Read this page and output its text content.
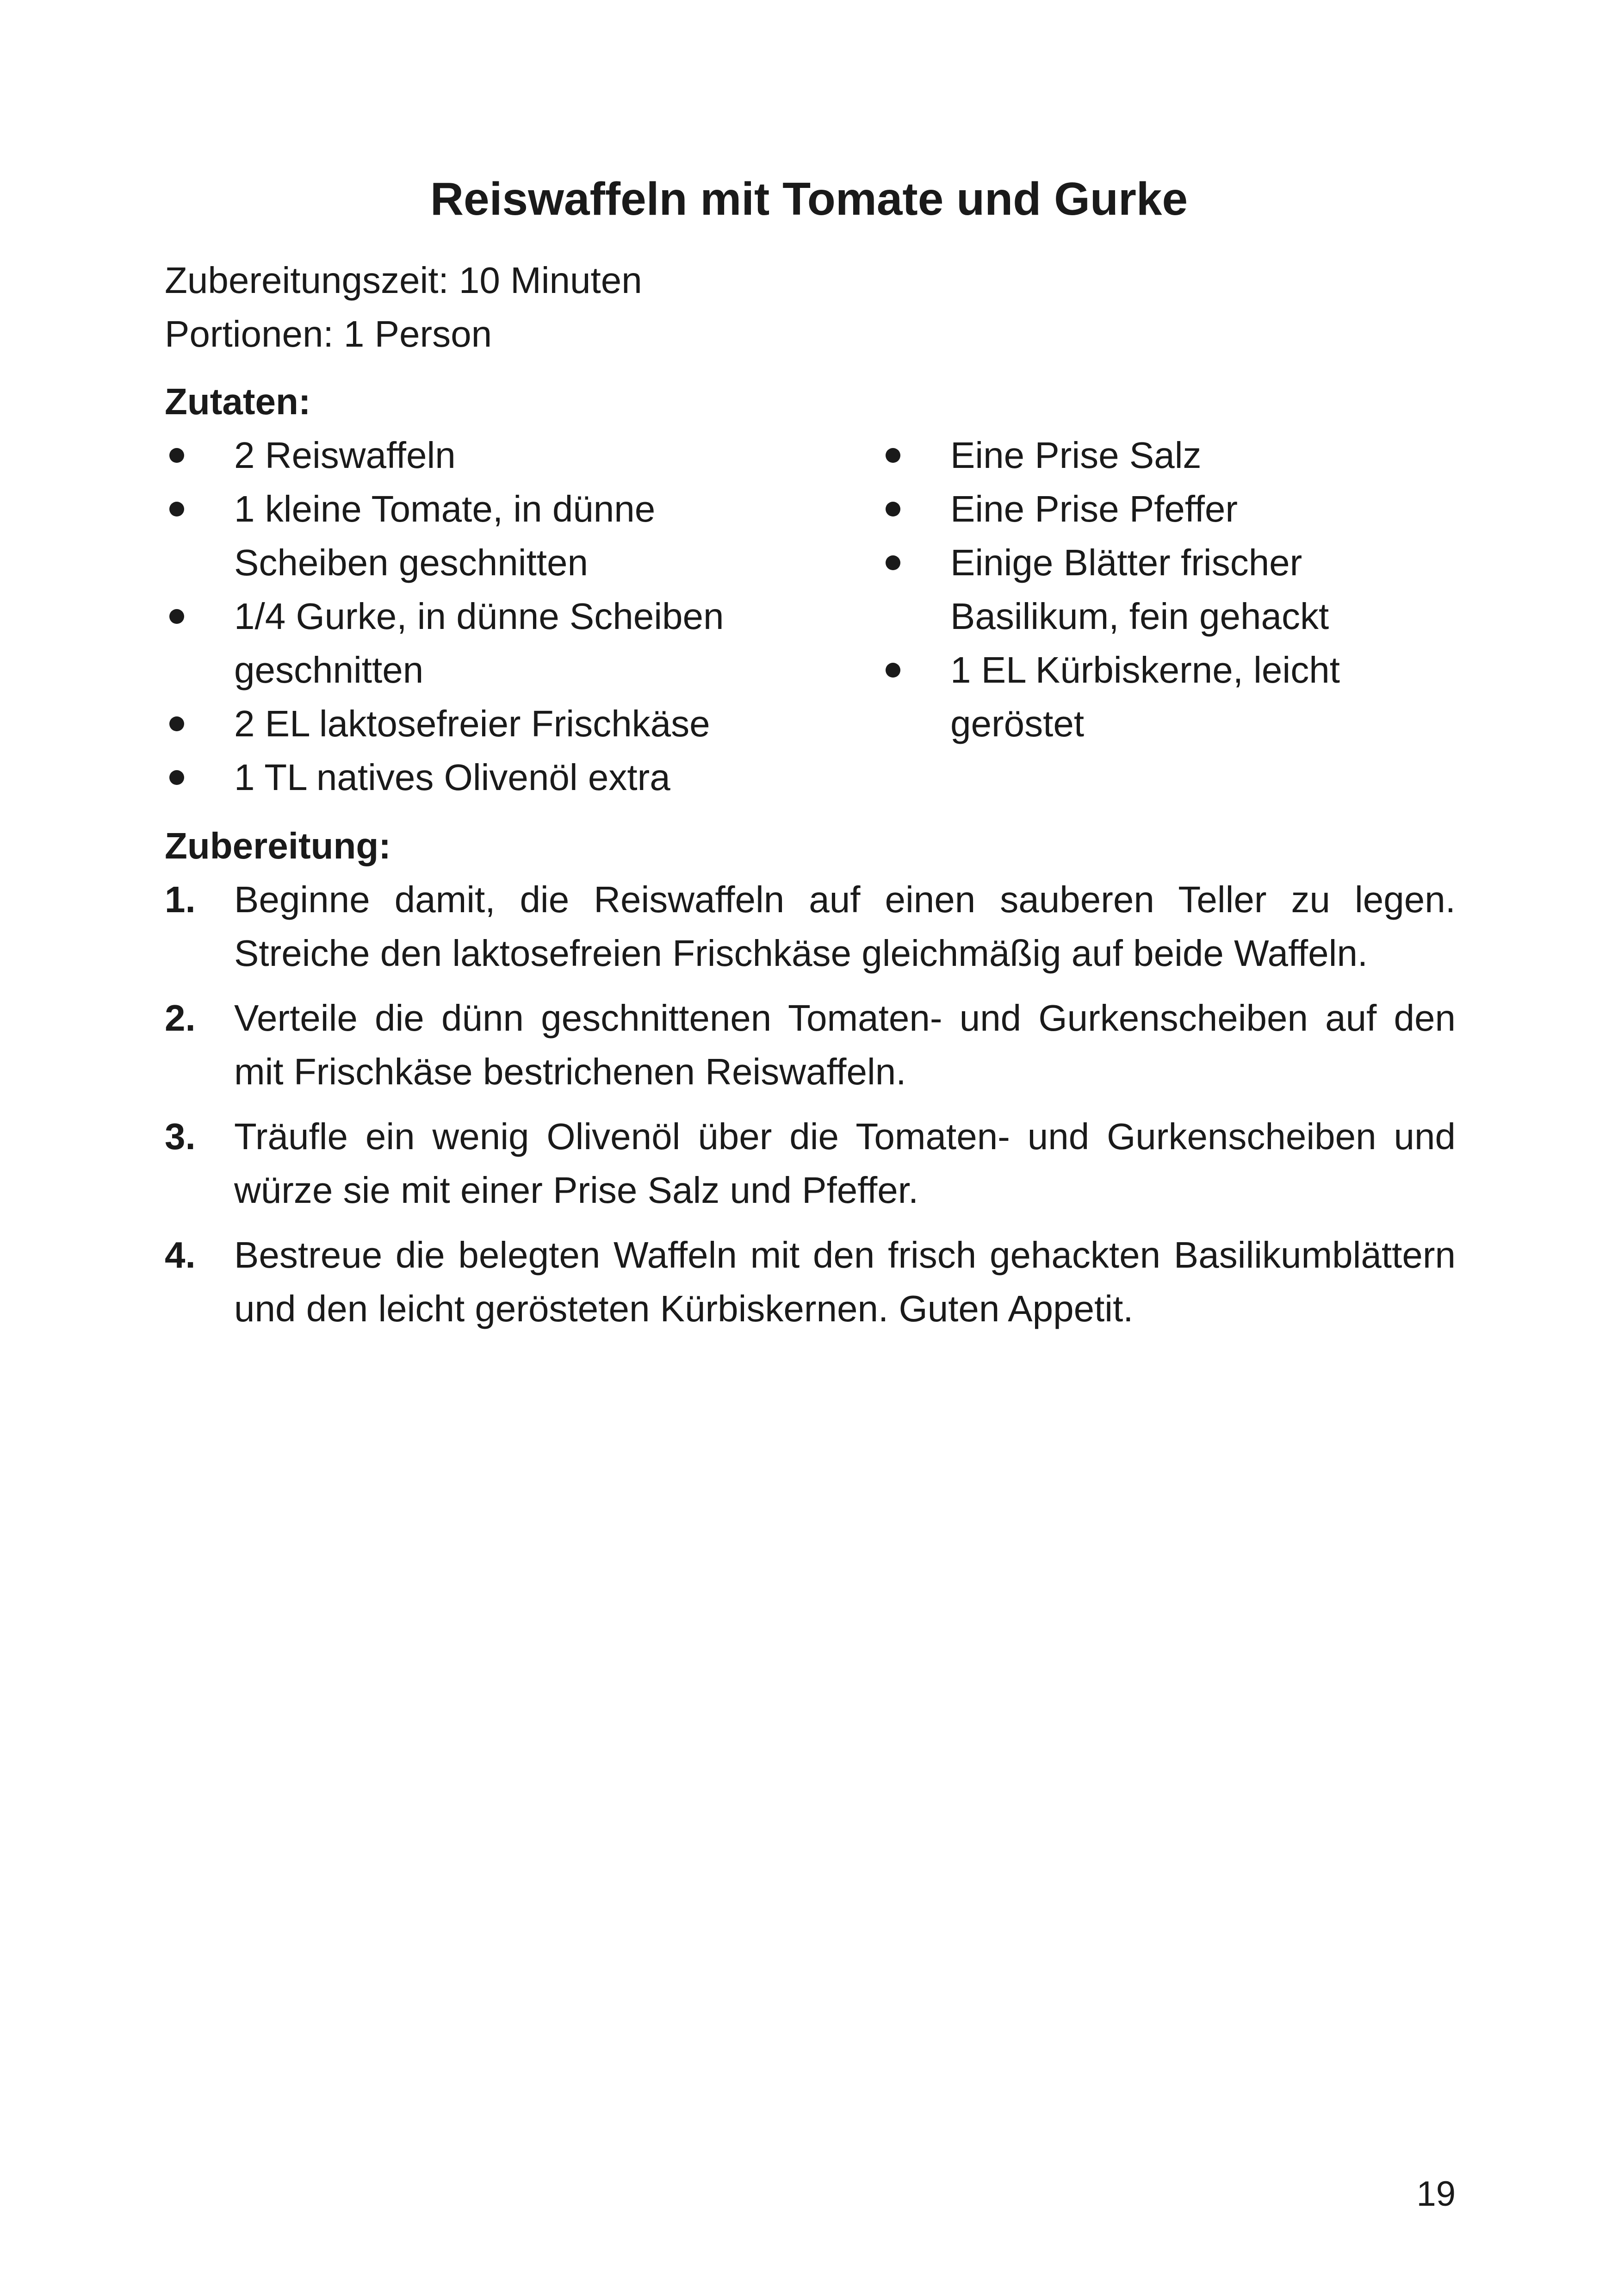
Reiswaffeln mit Tomate und Gurke
Zubereitungszeit: 10 Minuten
Portionen: 1 Person
Zutaten:
2 Reiswaffeln
1 kleine Tomate, in dünne Scheiben geschnitten
1/4 Gurke, in dünne Scheiben geschnitten
2 EL laktosefreier Frischkäse
1 TL natives Olivenöl extra
Eine Prise Salz
Eine Prise Pfeffer
Einige Blätter frischer Basilikum, fein gehackt
1 EL Kürbiskerne, leicht geröstet
Zubereitung:
1. Beginne damit, die Reiswaffeln auf einen sauberen Teller zu legen. Streiche den laktosefreien Frischkäse gleichmäßig auf beide Waffeln.
2. Verteile die dünn geschnittenen Tomaten- und Gurkenscheiben auf den mit Frischkäse bestrichenen Reiswaffeln.
3. Träufle ein wenig Olivenöl über die Tomaten- und Gurkenscheiben und würze sie mit einer Prise Salz und Pfeffer.
4. Bestreue die belegten Waffeln mit den frisch gehackten Basilikumblättern und den leicht gerösteten Kürbiskernen. Guten Appetit.
19
